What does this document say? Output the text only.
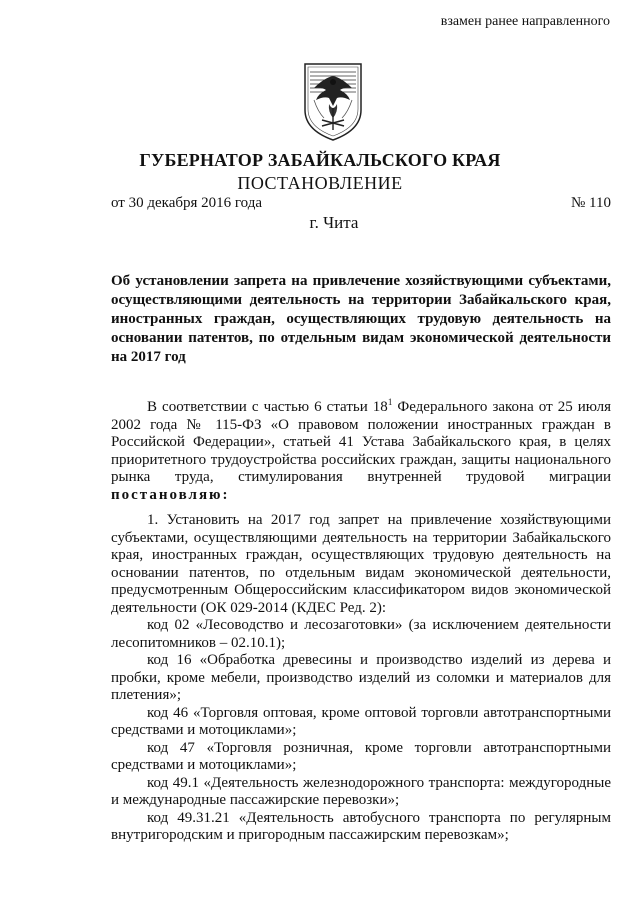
взамен ранее направленного
ГУБЕРНАТОР ЗАБАЙКАЛЬСКОГО КРАЯ
ПОСТАНОВЛЕНИЕ
от 30 декабря 2016 года	№ 110
г. Чита
Об установлении запрета на привлечение хозяйствующими субъектами,
осуществляющими деятельность на территории Забайкальского края,
иностранных граждан, осуществляющих трудовую деятельность на
основании патентов, по отдельным видам экономической деятельности
на 2017 год
В соответствии с частью 6 статьи $18^1$ Федерального закона от 25 июля
2002 года № 115-ФЗ «О правовом положении иностранных граждан в
Российской Федерации», статьей 41 Устава Забайкальского края, в целях
приоритетного трудоустройства российских граждан, защиты национального
рынка труда, стимулирования внутренней трудовой миграции
постановляю:
1. Установить на 2017 год запрет на привлечение хозяйствующими
субъектами, осуществляющими деятельность на территории Забайкальского
края, иностранных граждан, осуществляющих трудовую деятельность на
основании патентов, по отдельным видам экономической деятельности,
предусмотренным Общероссийским классификатором видов экономической
деятельности (ОК 029-2014 (КДЕС Ред. 2):
код 02 «Лесоводство и лесозаготовки» (за исключением деятельности
лесопитомников – 02.10.1);
код 16 «Обработка древесины и производство изделий из дерева и
пробки, кроме мебели, производство изделий из соломки и материалов для
плетения»;
код 46 «Торговля оптовая, кроме оптовой торговли автотранспортными
средствами и мотоциклами»;
код 47 «Торговля розничная, кроме торговли автотранспортными
средствами и мотоциклами»;
код 49.1 «Деятельность железнодорожного транспорта: междугородные
и международные пассажирские перевозки»;
код 49.31.21 «Деятельность автобусного транспорта по регулярным
внутригородским и пригородным пассажирским перевозкам»;
